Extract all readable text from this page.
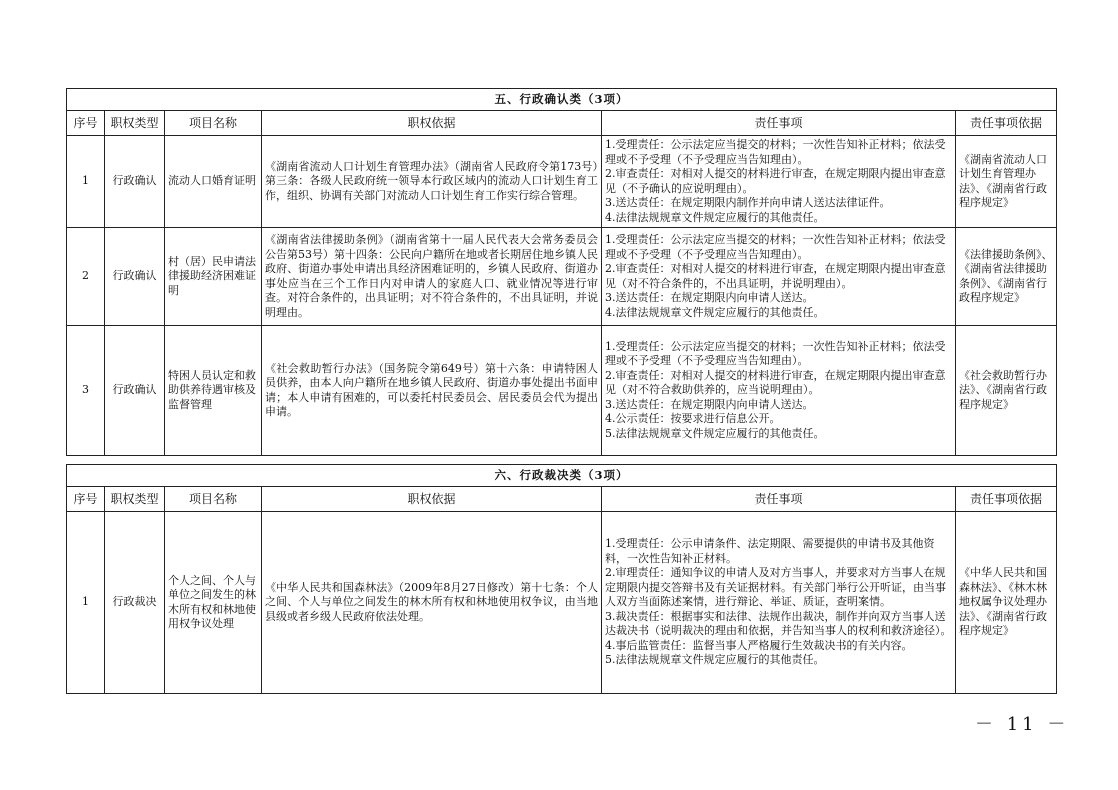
五、行政确认类（3项）					
序号	职权类型	项目名称	职权依据	责任事项	责任事项依据
1	行政确认	流动人口婚育证明	《湖南省流动人口计划生育管理办法》（湖南省人民政府令第173号）第三条：各级人民政府统一领导本行政区域内的流动人口计划生育工作，组织、协调有关部门对流动人口计划生育工作实行综合管理。	1.受理责任：公示法定应当提交的材料；一次性告知补正材料；依法受理或不予受理（不予受理应当告知理由）。
2.审查责任：对相对人提交的材料进行审查，在规定期限内提出审查意见（不予确认的应说明理由）。
3.送达责任：在规定期限内制作并向申请人送达法律证件。
4.法律法规规章文件规定应履行的其他责任。	《湖南省流动人口计划生育管理办法》、《湖南省行政程序规定》
2	行政确认	村（居）民申请法律援助经济困难证明	《湖南省法律援助条例》（湖南省第十一届人民代表大会常务委员会公告第53号）第十四条：公民向户籍所在地或者长期居住地乡镇人民政府、街道办事处申请出具经济困难证明的，乡镇人民政府、街道办事处应当在三个工作日内对申请人的家庭人口、就业情况等进行审查。对符合条件的，出具证明；对不符合条件的，不出具证明，并说明理由。	1.受理责任：公示法定应当提交的材料；一次性告知补正材料；依法受理或不予受理（不予受理应当告知理由）。
2.审查责任：对相对人提交的材料进行审查，在规定期限内提出审查意见（对不符合条件的，不出具证明，并说明理由）。
3.送达责任：在规定期限内向申请人送达。
4.法律法规规章文件规定应履行的其他责任。	《法律援助条例》、《湖南省法律援助条例》、《湖南省行政程序规定》
3	行政确认	特困人员认定和救助供养待遇审核及监督管理	《社会救助暂行办法》（国务院令第649号）第十六条：申请特困人员供养，由本人向户籍所在地乡镇人民政府、街道办事处提出书面申请；本人申请有困难的，可以委托村民委员会、居民委员会代为提出申请。	1.受理责任：公示法定应当提交的材料；一次性告知补正材料；依法受理或不予受理（不予受理应当告知理由）。
2.审查责任：对相对人提交的材料进行审查，在规定期限内提出审查意见（对不符合救助供养的，应当说明理由）。
3.送达责任：在规定期限内向申请人送达。
4.公示责任：按要求进行信息公开。
5.法律法规规章文件规定应履行的其他责任。	《社会救助暂行办法》、《湖南省行政程序规定》
六、行政裁决类（3项）					
序号	职权类型	项目名称	职权依据	责任事项	责任事项依据
1	行政裁决	个人之间、个人与单位之间发生的林木所有权和林地使用权争议处理	《中华人民共和国森林法》（2009年8月27日修改）第十七条：个人之间、个人与单位之间发生的林木所有权和林地使用权争议，由当地县级或者乡级人民政府依法处理。	1.受理责任：公示申请条件、法定期限、需要提供的申请书及其他资料，一次性告知补正材料。
2.审理责任：通知争议的申请人及对方当事人，并要求对方当事人在规定期限内提交答辩书及有关证据材料。有关部门举行公开听证，由当事人双方当面陈述案情，进行辩论、举证、质证，查明案情。
3.裁决责任：根据事实和法律、法规作出裁决，制作并向双方当事人送达裁决书（说明裁决的理由和依据，并告知当事人的权利和救济途径）。
4.事后监管责任：监督当事人严格履行生效裁决书的有关内容。
5.法律法规规章文件规定应履行的其他责任。	《中华人民共和国森林法》、《林木林地权属争议处理办法》、《湖南省行政程序规定》
－ 11 －
